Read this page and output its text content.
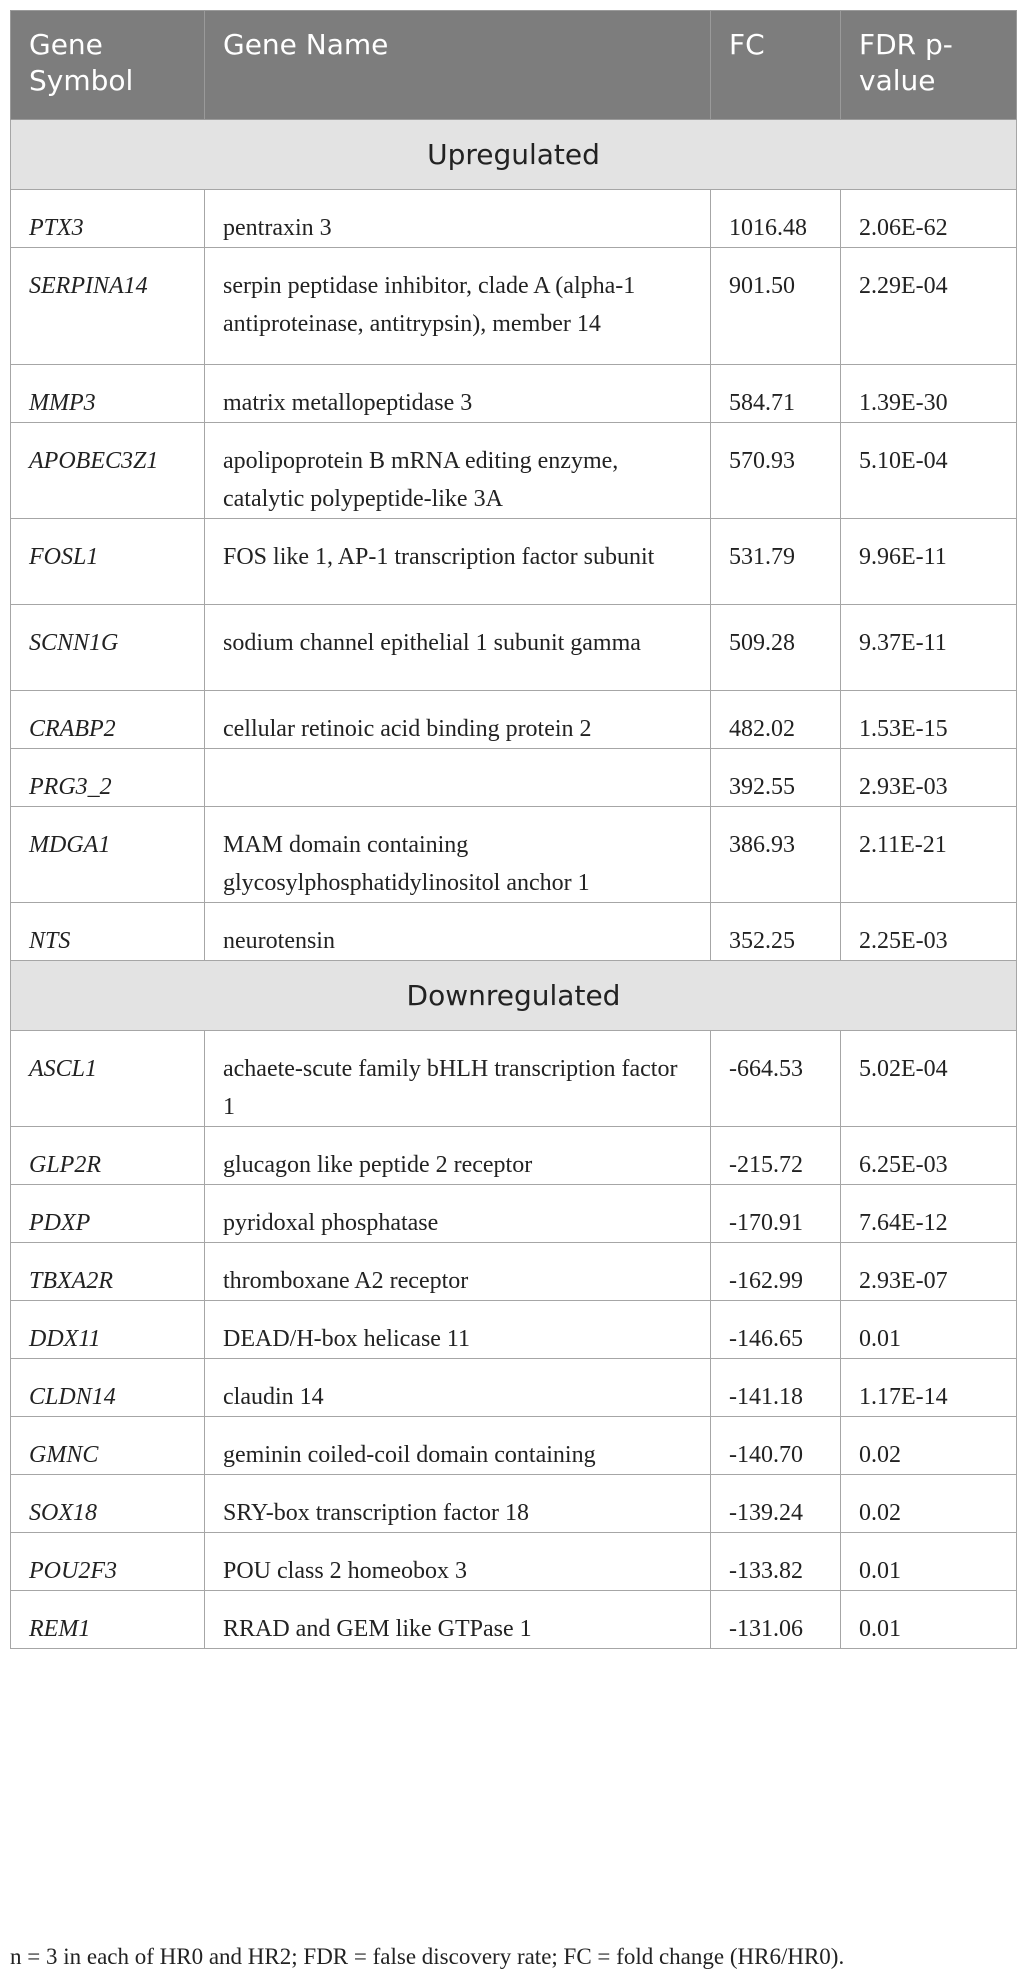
Gene Symbol	Gene Name	FC	FDR p-value
Upregulated			
PTX3	pentraxin 3	1016.48	2.06E-62
SERPINA14	serpin peptidase inhibitor, clade A (alpha-1 antiproteinase, antitrypsin), member 14	901.50	2.29E-04
MMP3	matrix metallopeptidase 3	584.71	1.39E-30
APOBEC3Z1	apolipoprotein B mRNA editing enzyme, catalytic polypeptide-like 3A	570.93	5.10E-04
FOSL1	FOS like 1, AP-1 transcription factor subunit	531.79	9.96E-11
SCNN1G	sodium channel epithelial 1 subunit gamma	509.28	9.37E-11
CRABP2	cellular retinoic acid binding protein 2	482.02	1.53E-15
PRG3_2		392.55	2.93E-03
MDGA1	MAM domain containing glycosylphosphatidylinositol anchor 1	386.93	2.11E-21
NTS	neurotensin	352.25	2.25E-03
Downregulated			
ASCL1	achaete-scute family bHLH transcription factor 1	-664.53	5.02E-04
GLP2R	glucagon like peptide 2 receptor	-215.72	6.25E-03
PDXP	pyridoxal phosphatase	-170.91	7.64E-12
TBXA2R	thromboxane A2 receptor	-162.99	2.93E-07
DDX11	DEAD/H-box helicase 11	-146.65	0.01
CLDN14	claudin 14	-141.18	1.17E-14
GMNC	geminin coiled-coil domain containing	-140.70	0.02
SOX18	SRY-box transcription factor 18	-139.24	0.02
POU2F3	POU class 2 homeobox 3	-133.82	0.01
REM1	RRAD and GEM like GTPase 1	-131.06	0.01
n = 3 in each of HR0 and HR2; FDR = false discovery rate; FC = fold change (HR6/HR0).
